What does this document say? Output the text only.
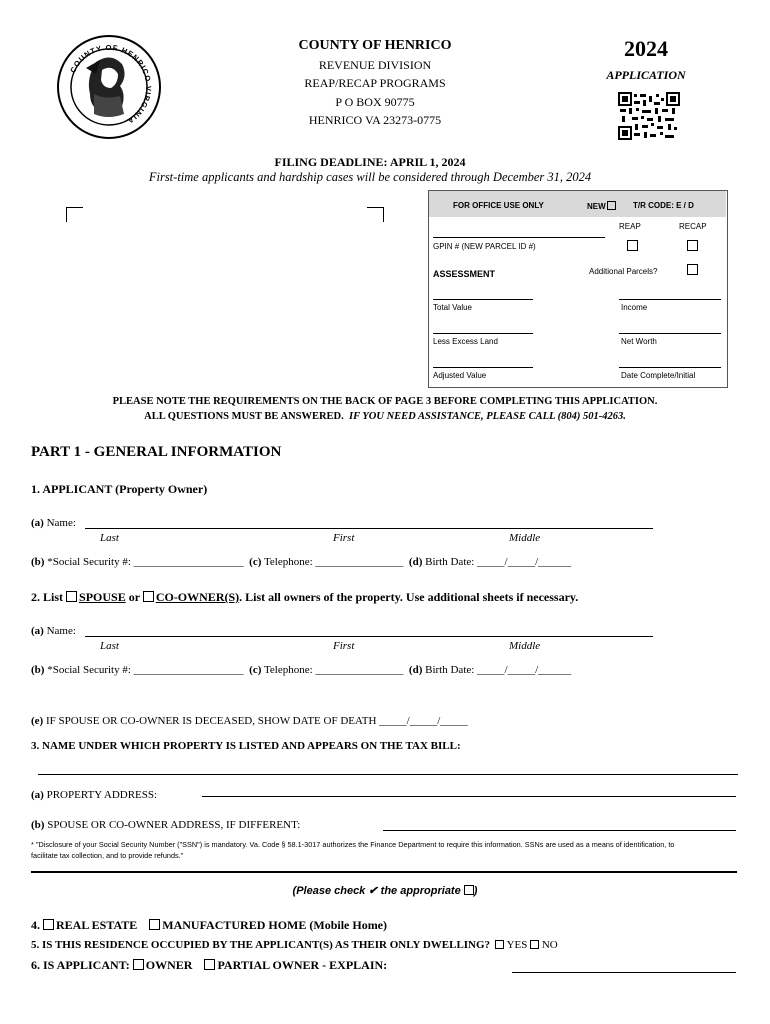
COUNTY OF HENRICO VIRGINIA
COUNTY OF HENRICO
REVENUE DIVISION
REAP/RECAP PROGRAMS
P O BOX 90775
HENRICO VA 23273-0775
2024
APPLICATION
FILING DEADLINE: APRIL 1, 2024
First-time applicants and hardship cases will be considered through December 31, 2024
FOR OFFICE USE ONLY	NEW	T/R CODE: E / D
REAP	RECAP
GPIN # (NEW PARCEL ID #)
ASSESSMENT	Additional Parcels?
Total Value	Income
Less Excess Land	Net Worth
Adjusted Value	Date Complete/Initial
PLEASE NOTE THE REQUIREMENTS ON THE BACK OF PAGE 3 BEFORE COMPLETING THIS APPLICATION.
ALL QUESTIONS MUST BE ANSWERED. IF YOU NEED ASSISTANCE, PLEASE CALL (804) 501-4263.
PART 1 - GENERAL INFORMATION
1. APPLICANT (Property Owner)
(a) Name:
Last	First	Middle
(b) *Social Security #: ____________________ (c) Telephone: ________________ (d) Birth Date: _____/_____/______
2. List SPOUSE or CO-OWNER(S). List all owners of the property. Use additional sheets if necessary.
(a) Name:
Last	First	Middle
(b) *Social Security #: ____________________ (c) Telephone: ________________ (d) Birth Date: _____/_____/______
(e) IF SPOUSE OR CO-OWNER IS DECEASED, SHOW DATE OF DEATH _____/_____/_____
3. NAME UNDER WHICH PROPERTY IS LISTED AND APPEARS ON THE TAX BILL:
(a) PROPERTY ADDRESS:
(b) SPOUSE OR CO-OWNER ADDRESS, IF DIFFERENT:
* "Disclosure of your Social Security Number ("SSN") is mandatory. Va. Code § 58.1-3017 authorizes the Finance Department to require this information. SSNs are used as a means of identification, to facilitate tax collection, and to provide refunds."
(Please check ✔ the appropriate )
4. REAL ESTATE MANUFACTURED HOME (Mobile Home)
5. IS THIS RESIDENCE OCCUPIED BY THE APPLICANT(S) AS THEIR ONLY DWELLING? YES NO
6. IS APPLICANT: OWNER PARTIAL OWNER - EXPLAIN:
